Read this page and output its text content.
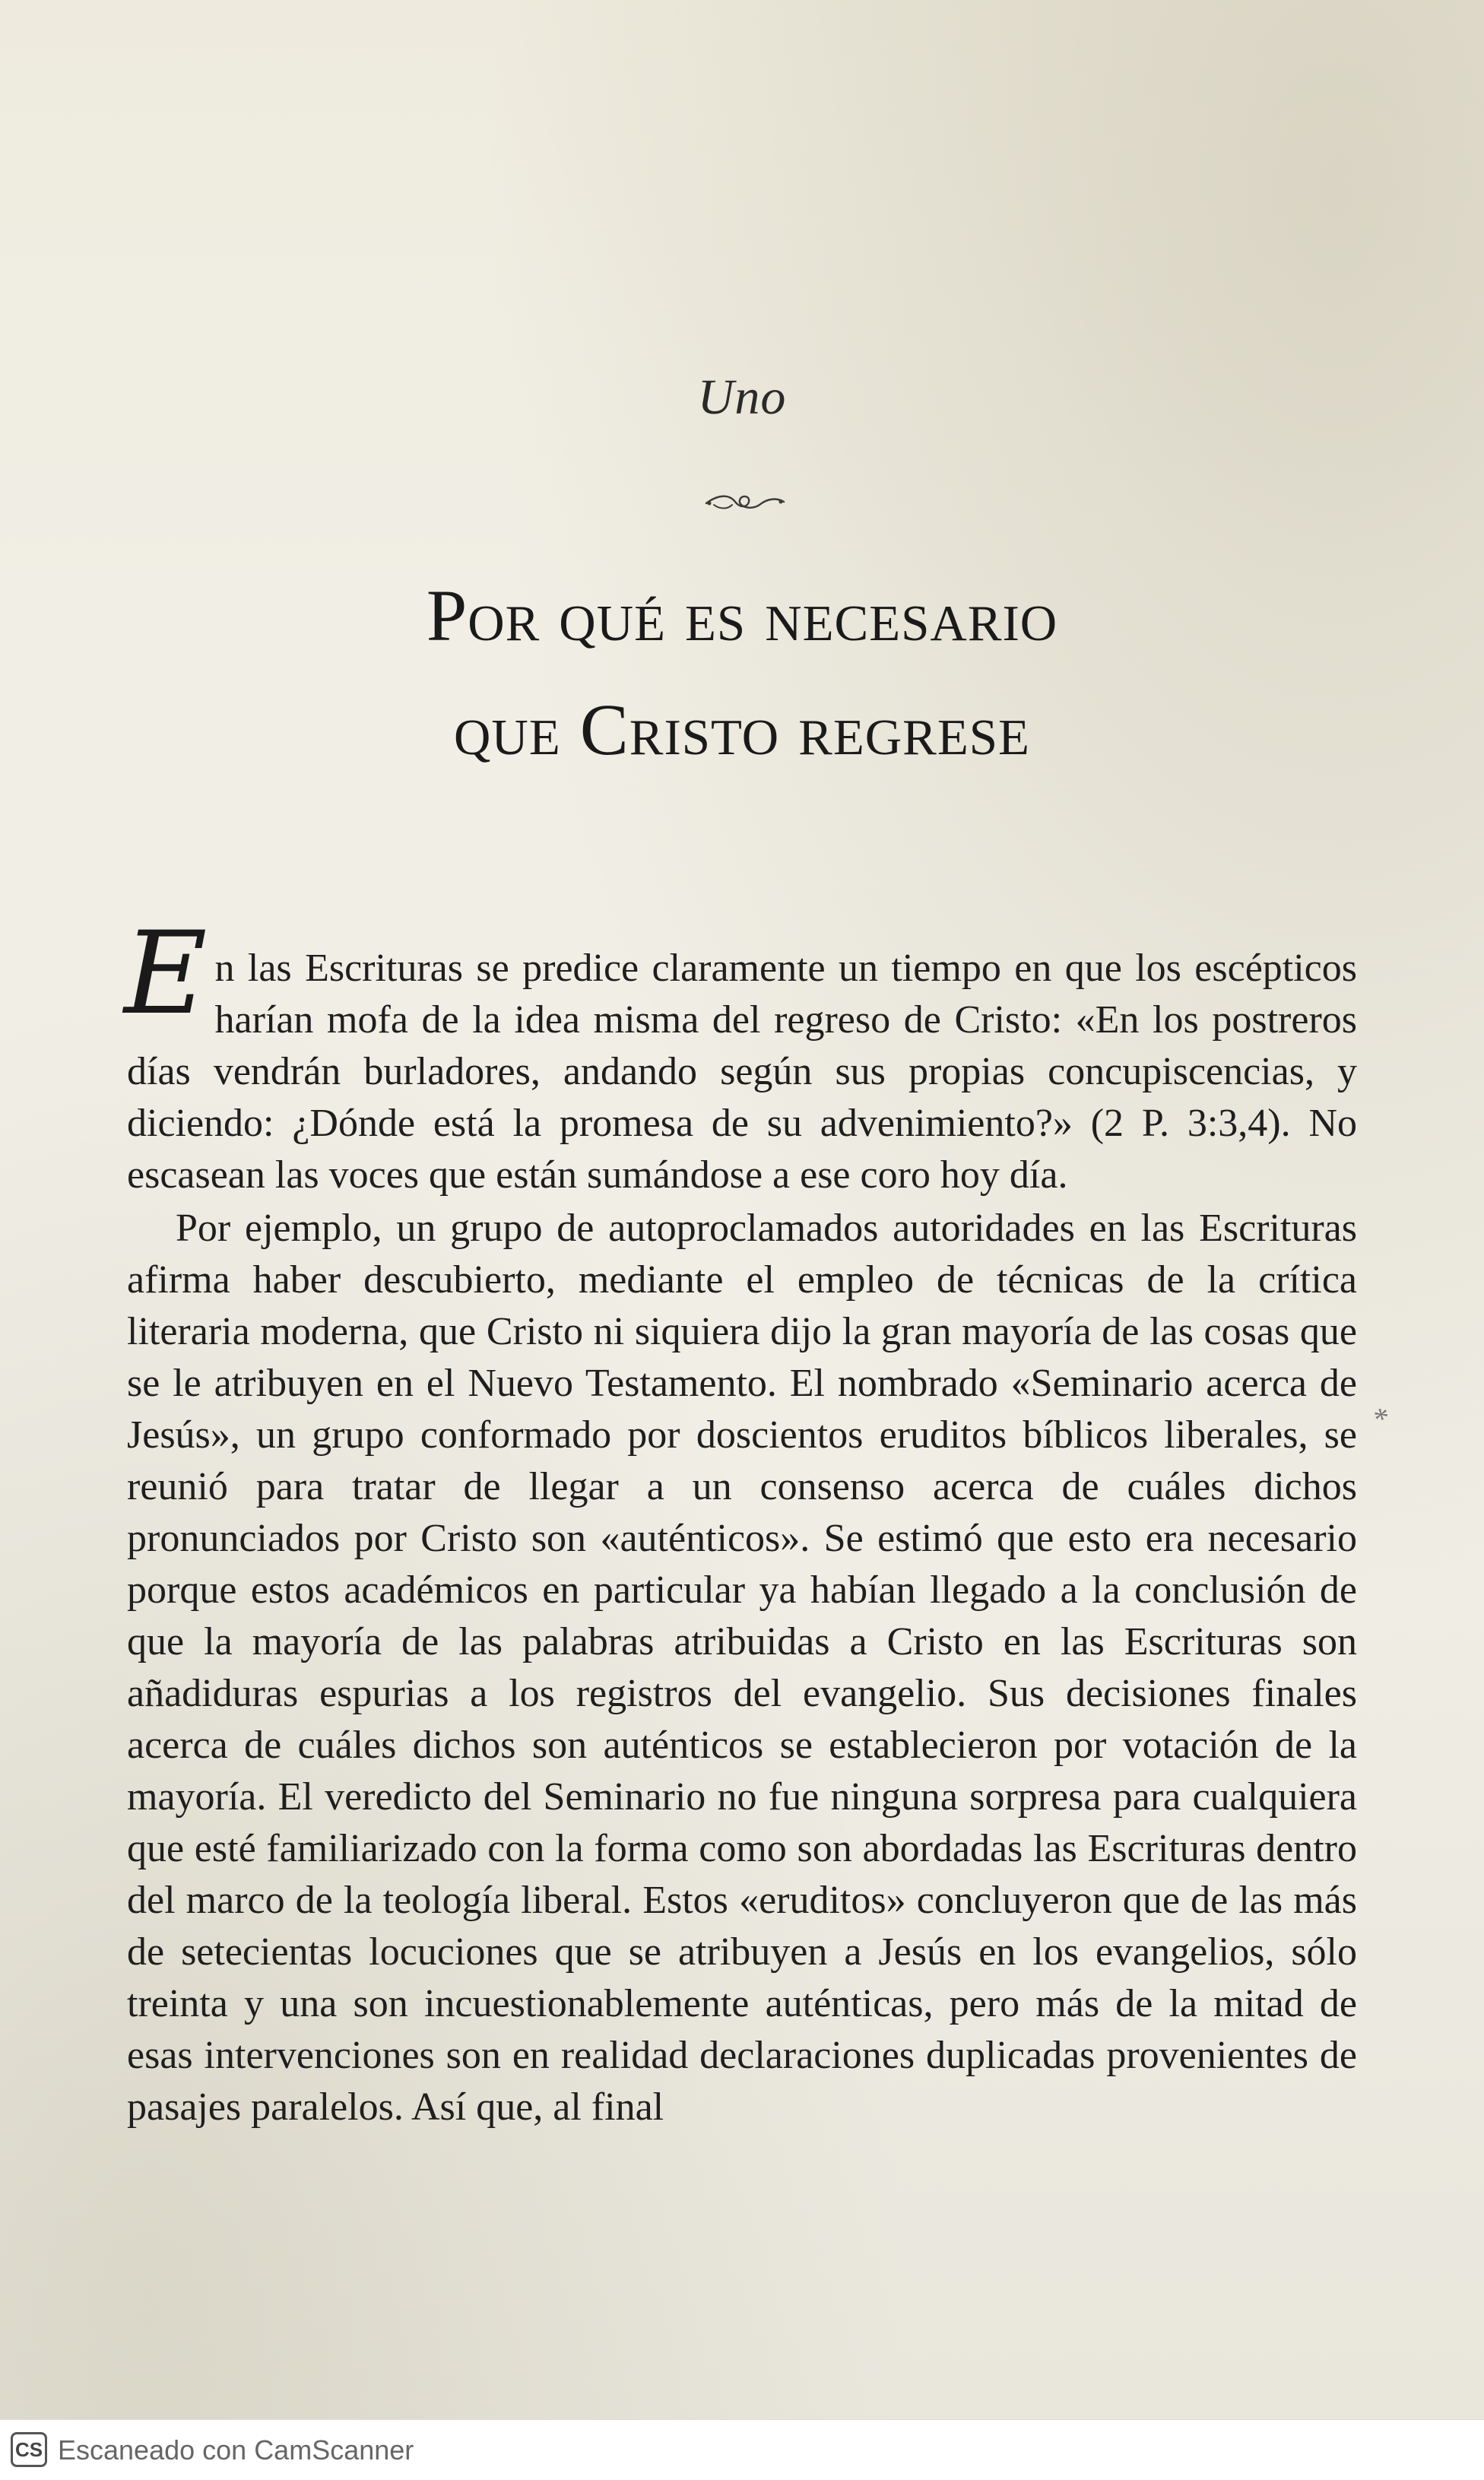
Uno
Por qué es necesario
que Cristo regrese

En las Escrituras se predice claramente un tiempo en que los escépticos harían mofa de la idea misma del regreso de Cristo: «En los postreros días vendrán burladores, andando según sus propias concupiscencias, y diciendo: ¿Dónde está la promesa de su advenimiento?» (2 P. 3:3,4). No escasean las voces que están sumándose a ese coro hoy día.

Por ejemplo, un grupo de autoproclamados autoridades en las Escrituras afirma haber descubierto, mediante el empleo de técnicas de la crítica literaria moderna, que Cristo ni siquiera dijo la gran mayoría de las cosas que se le atribuyen en el Nuevo Testamento. El nombrado «Seminario acerca de Jesús», un grupo conformado por doscientos eruditos bíblicos liberales, se reunió para tratar de llegar a un consenso acerca de cuáles dichos pronunciados por Cristo son «auténticos». Se estimó que esto era necesario porque estos académicos en particular ya habían llegado a la conclusión de que la mayoría de las palabras atribuidas a Cristo en las Escrituras son añadiduras espurias a los registros del evangelio. Sus decisiones finales acerca de cuáles dichos son auténticos se establecieron por votación de la mayoría. El veredicto del Seminario no fue ninguna sorpresa para cualquiera que esté familiarizado con la forma como son abordadas las Escrituras dentro del marco de la teología liberal. Estos «eruditos» concluyeron que de las más de setecientas locuciones que se atribuyen a Jesús en los evangelios, sólo treinta y una son incuestionablemente auténticas, pero más de la mitad de esas intervenciones son en realidad declaraciones duplicadas provenientes de pasajes paralelos. Así que, al final

*
CS Escaneado con CamScanner
